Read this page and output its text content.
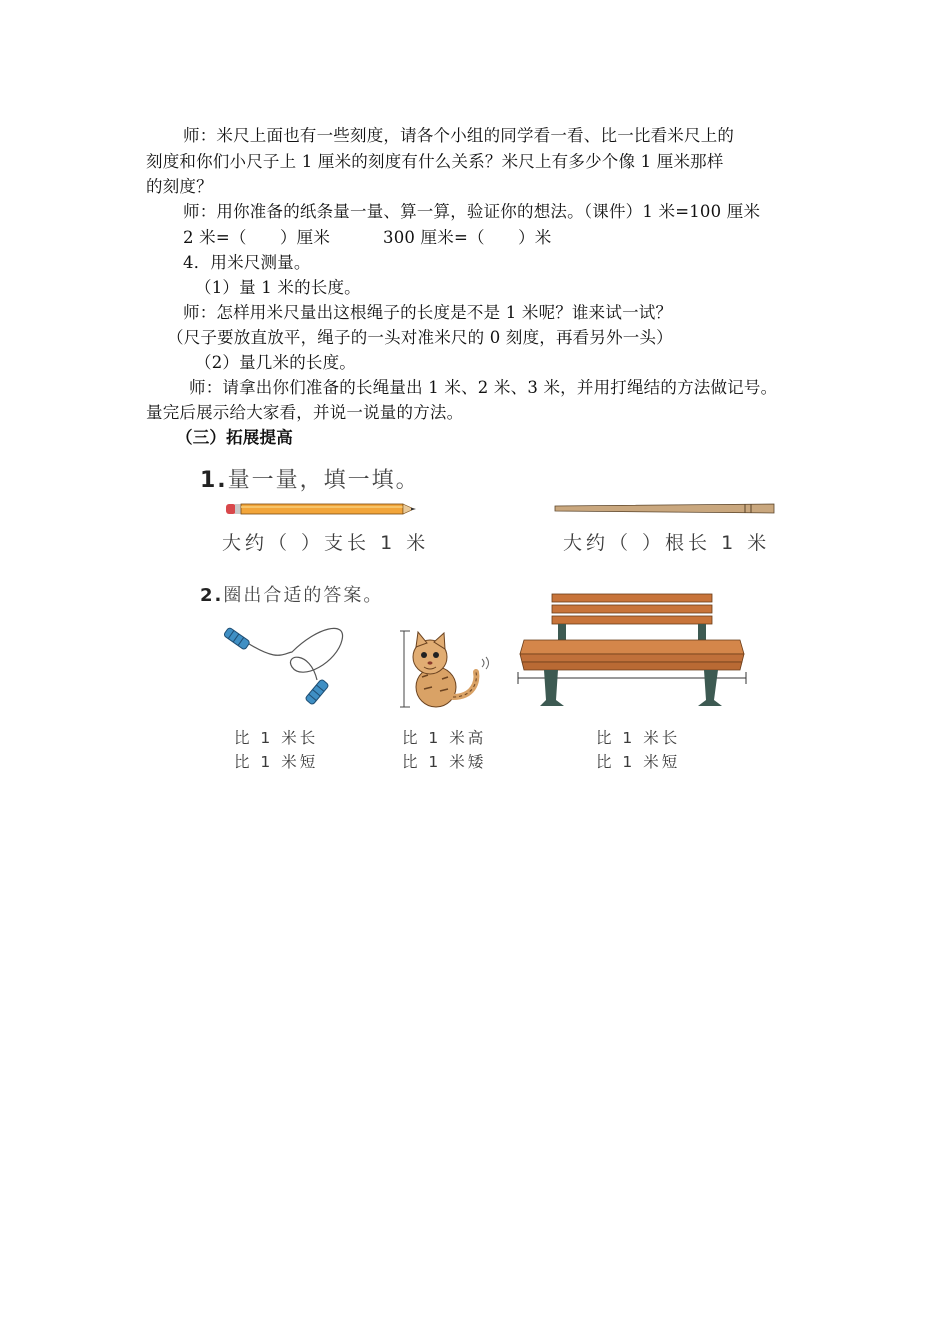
师：米尺上面也有一些刻度，请各个小组的同学看一看、比一比看米尺上的
刻度和你们小尺子上 1 厘米的刻度有什么关系？米尺上有多少个像 1 厘米那样
的刻度？
师：用你准备的纸条量一量、算一算，验证你的想法。（课件）1 米=100 厘米
2 米=（　　）厘米	300 厘米=（　　）米
4．用米尺测量。
（1）量 1 米的长度。
师：怎样用米尺量出这根绳子的长度是不是 1 米呢？谁来试一试？
（尺子要放直放平，绳子的一头对准米尺的 0 刻度，再看另外一头）
（2）量几米的长度。
师：请拿出你们准备的长绳量出 1 米、2 米、3 米，并用打绳结的方法做记号。
量完后展示给大家看，并说一说量的方法。
（三）拓展提高
1.量一量，填一填。
大约（ ）支长 1 米	大约（ ）根长 1 米
2.圈出合适的答案。
比 1 米长
比 1 米短
比 1 米高
比 1 米矮
比 1 米长
比 1 米短
